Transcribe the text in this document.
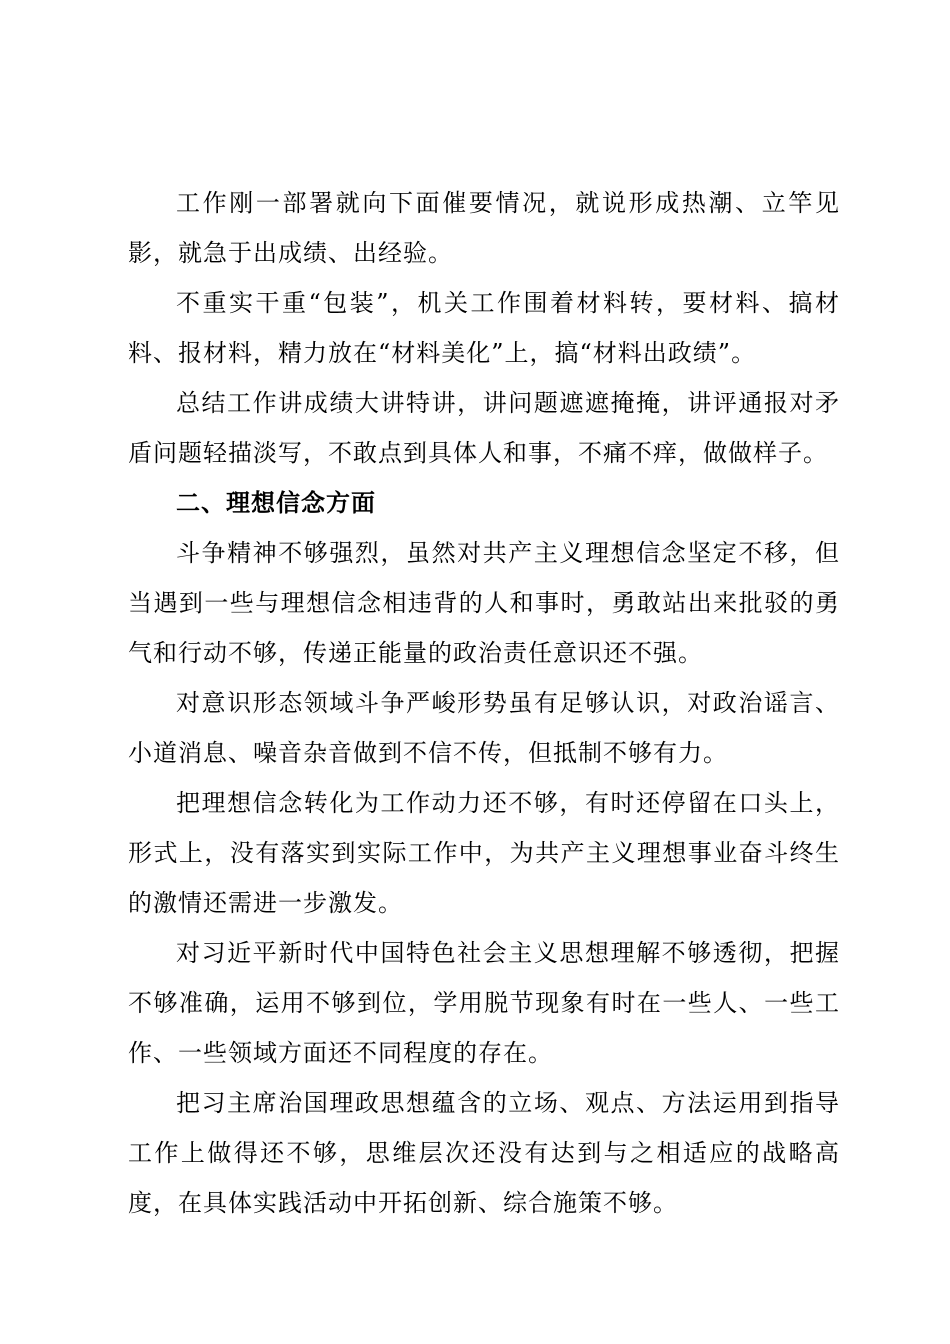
工作刚一部署就向下面催要情况，就说形成热潮、立竿见影，就急于出成绩、出经验。

不重实干重“包装”，机关工作围着材料转，要材料、搞材料、报材料，精力放在“材料美化”上，搞“材料出政绩”。

总结工作讲成绩大讲特讲，讲问题遮遮掩掩，讲评通报对矛盾问题轻描淡写，不敢点到具体人和事，不痛不痒，做做样子。

二、理想信念方面

斗争精神不够强烈，虽然对共产主义理想信念坚定不移，但当遇到一些与理想信念相违背的人和事时，勇敢站出来批驳的勇气和行动不够，传递正能量的政治责任意识还不强。

对意识形态领域斗争严峻形势虽有足够认识，对政治谣言、小道消息、噪音杂音做到不信不传，但抵制不够有力。

把理想信念转化为工作动力还不够，有时还停留在口头上，形式上，没有落实到实际工作中，为共产主义理想事业奋斗终生的激情还需进一步激发。

对习近平新时代中国特色社会主义思想理解不够透彻，把握不够准确，运用不够到位，学用脱节现象有时在一些人、一些工作、一些领域方面还不同程度的存在。

把习主席治国理政思想蕴含的立场、观点、方法运用到指导工作上做得还不够，思维层次还没有达到与之相适应的战略高度，在具体实践活动中开拓创新、综合施策不够。
